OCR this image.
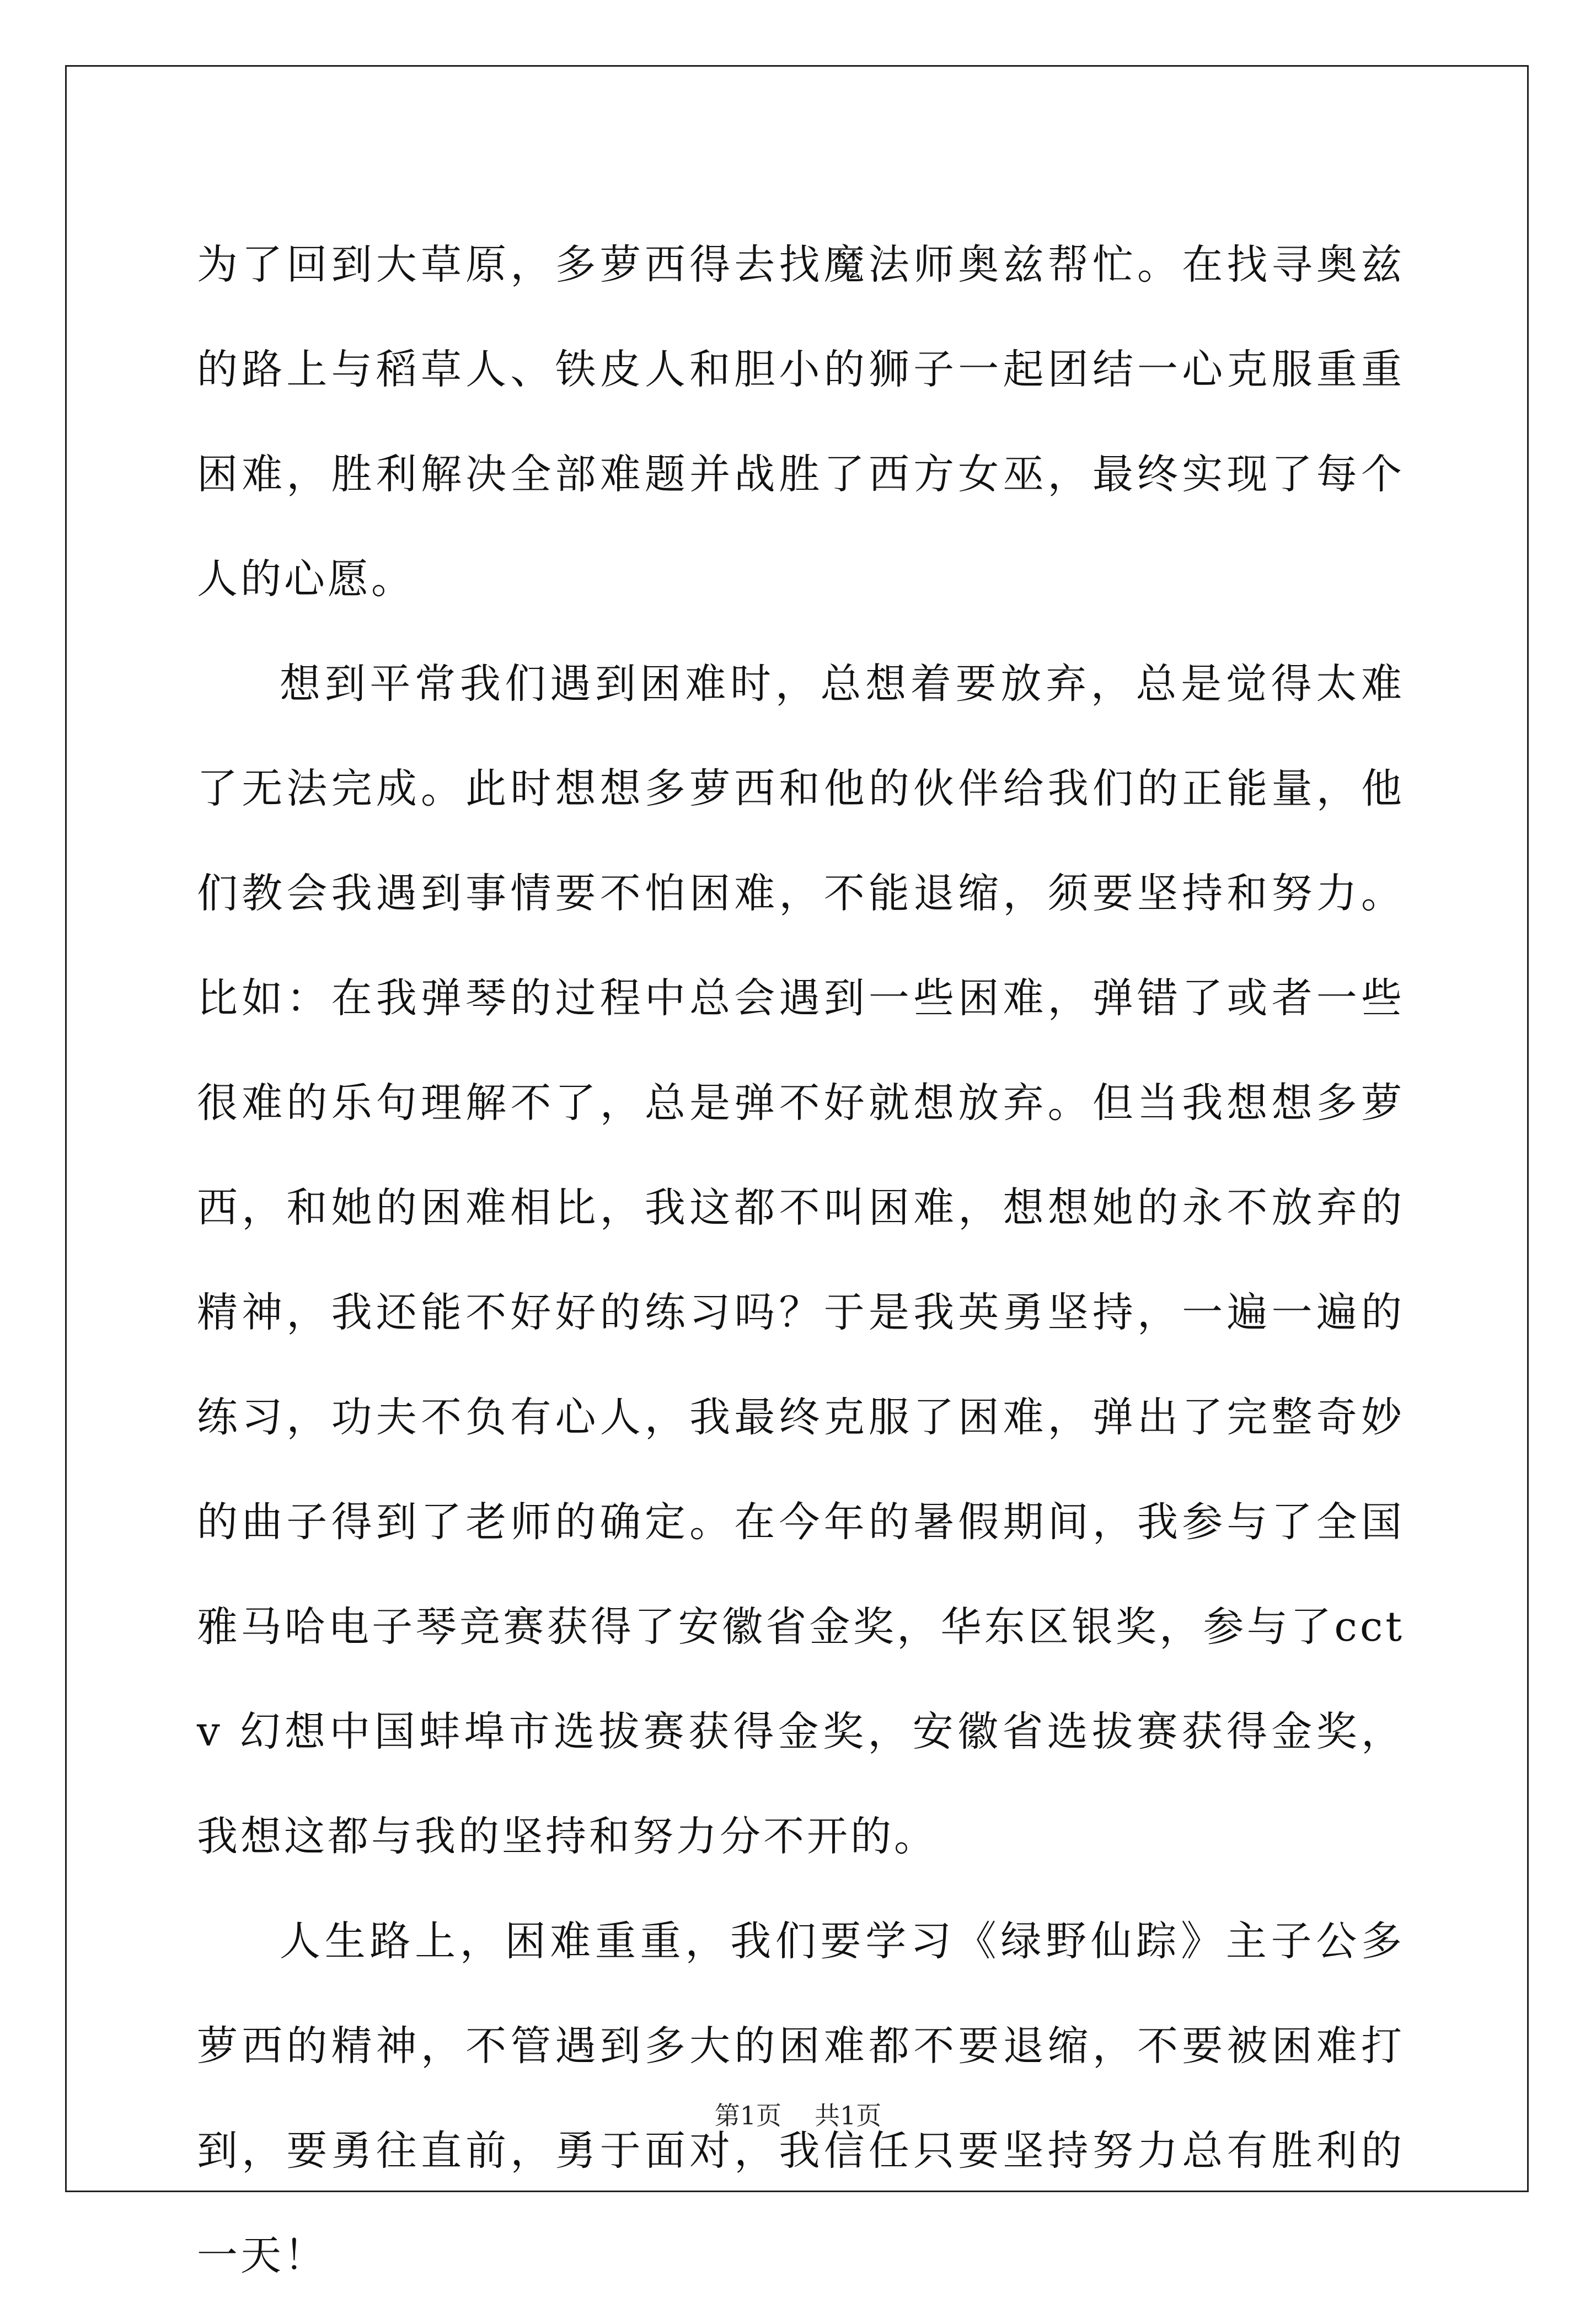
为了回到大草原，多萝西得去找魔法师奥兹帮忙。在找寻奥兹的路上与稻草人、铁皮人和胆小的狮子一起团结一心克服重重困难，胜利解决全部难题并战胜了西方女巫，最终实现了每个人的心愿。

想到平常我们遇到困难时，总想着要放弃，总是觉得太难了无法完成。此时想想多萝西和他的伙伴给我们的正能量，他们教会我遇到事情要不怕困难，不能退缩，须要坚持和努力。比如：在我弹琴的过程中总会遇到一些困难，弹错了或者一些很难的乐句理解不了，总是弹不好就想放弃。但当我想想多萝西，和她的困难相比，我这都不叫困难，想想她的永不放弃的精神，我还能不好好的练习吗？于是我英勇坚持，一遍一遍的练习，功夫不负有心人，我最终克服了困难，弹出了完整奇妙的曲子得到了老师的确定。在今年的暑假期间，我参与了全国雅马哈电子琴竞赛获得了安徽省金奖，华东区银奖，参与了cctv 幻想中国蚌埠市选拔赛获得金奖，安徽省选拔赛获得金奖，我想这都与我的坚持和努力分不开的。

人生路上，困难重重，我们要学习《绿野仙踪》主子公多萝西的精神，不管遇到多大的困难都不要退缩，不要被困难打到，要勇往直前，勇于面对，我信任只要坚持努力总有胜利的一天！

第1页 共1页
